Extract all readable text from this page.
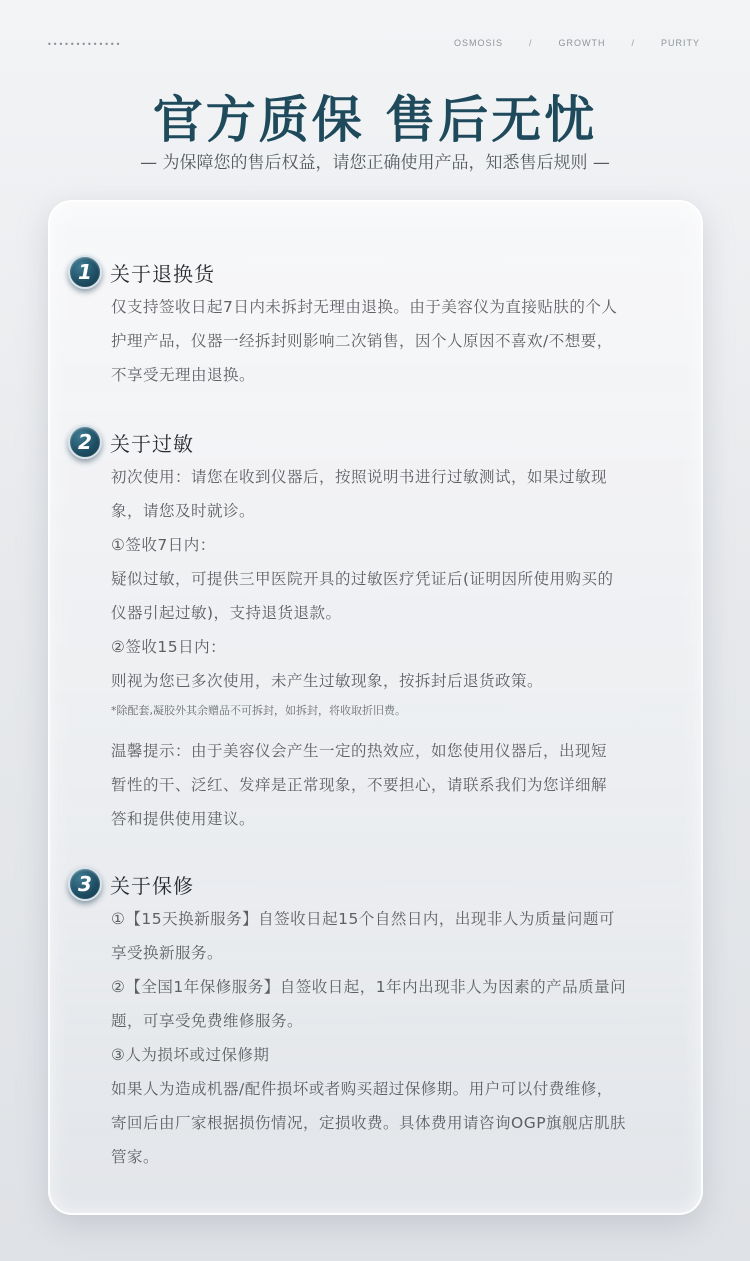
•••••••••••••	OSMOSIS	/	GROWTH	/	PURITY
官方质保 售后无忧
— 为保障您的售后权益，请您正确使用产品，知悉售后规则 —
1 关于退换货
仅支持签收日起7日内未拆封无理由退换。由于美容仪为直接贴肤的个人
护理产品，仪器一经拆封则影响二次销售，因个人原因不喜欢/不想要，
不享受无理由退换。
2 关于过敏
初次使用：请您在收到仪器后，按照说明书进行过敏测试，如果过敏现
象，请您及时就诊。
①签收7日内：
疑似过敏，可提供三甲医院开具的过敏医疗凭证后(证明因所使用购买的
仪器引起过敏)，支持退货退款。
②签收15日内：
则视为您已多次使用，未产生过敏现象，按拆封后退货政策。
*除配套,凝胶外其余赠品不可拆封，如拆封，将收取折旧费。
温馨提示：由于美容仪会产生一定的热效应，如您使用仪器后，出现短
暂性的干、泛红、发痒是正常现象，不要担心，请联系我们为您详细解
答和提供使用建议。
3 关于保修
①【15天换新服务】自签收日起15个自然日内，出现非人为质量问题可
享受换新服务。
②【全国1年保修服务】自签收日起，1年内出现非人为因素的产品质量问
题，可享受免费维修服务。
③人为损坏或过保修期
如果人为造成机器/配件损坏或者购买超过保修期。用户可以付费维修，
寄回后由厂家根据损伤情况，定损收费。具体费用请咨询OGP旗舰店肌肤
管家。
